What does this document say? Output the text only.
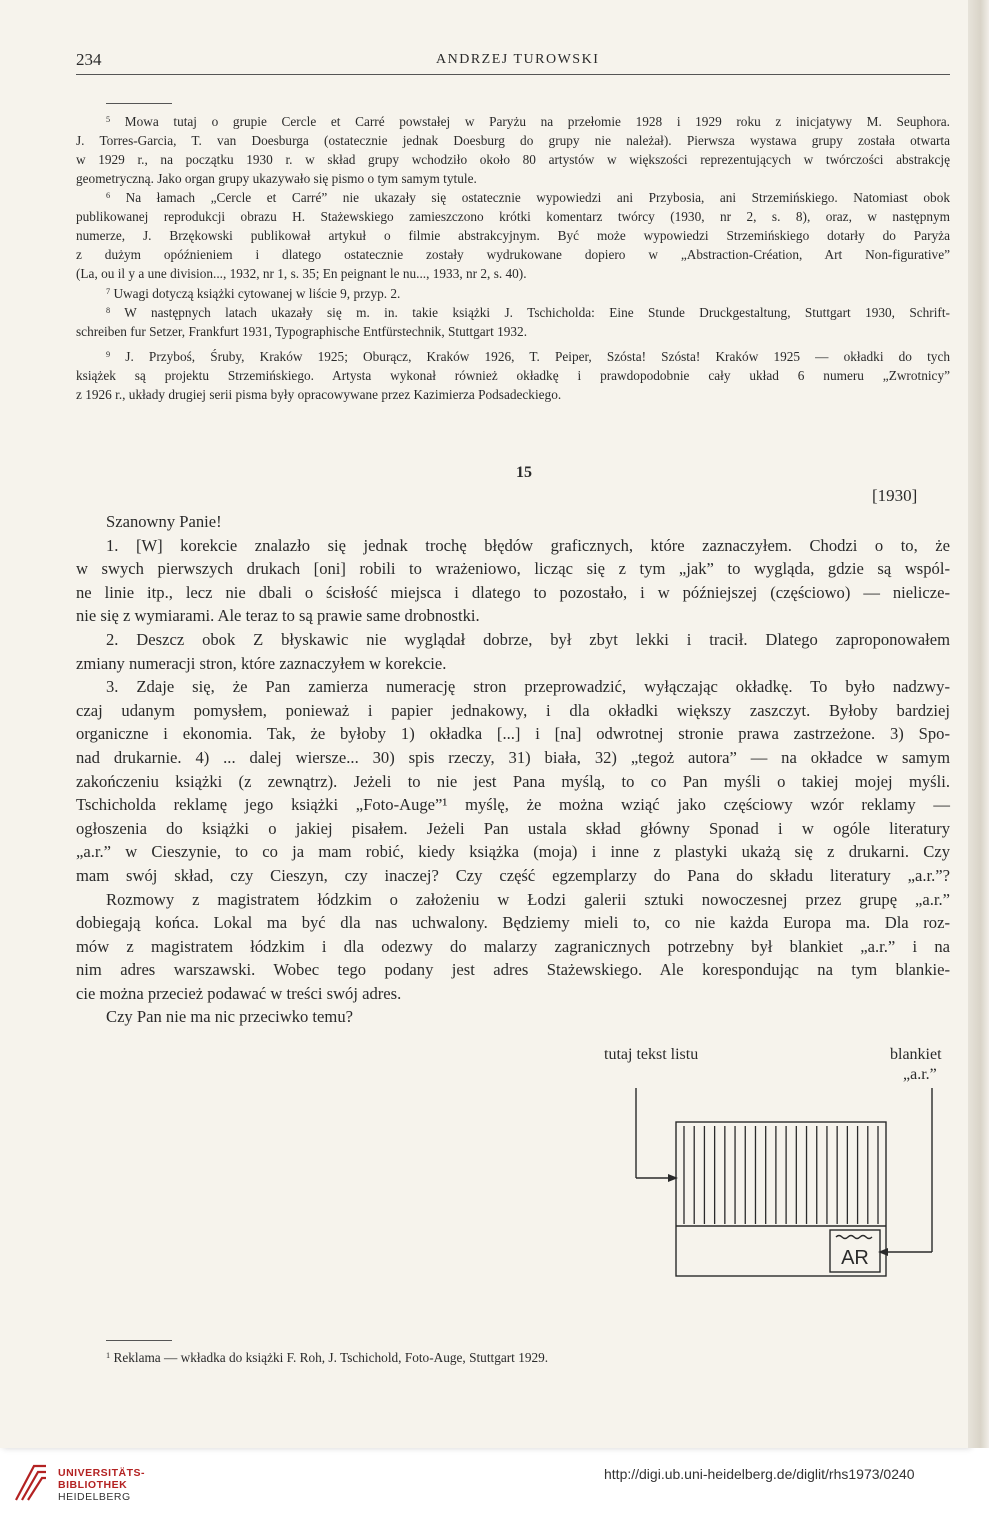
234	ANDRZEJ TUROWSKI
$^5$ Mowa tutaj o grupie Cercle et Carré powstałej w Paryżu na przełomie 1928 i 1929 roku z inicjatywy M. Seuphora.
J. Torres-Garcia, T. van Doesburga (ostatecznie jednak Doesburg do grupy nie należał). Pierwsza wystawa grupy została otwarta
w 1929 r., na początku 1930 r. w skład grupy wchodziło około 80 artystów w większości reprezentujących w twórczości abstrakcję
geometryczną. Jako organ grupy ukazywało się pismo o tym samym tytule.
$^6$ Na łamach „Cercle et Carré” nie ukazały się ostatecznie wypowiedzi ani Przybosia, ani Strzemińskiego. Natomiast obok
publikowanej reprodukcji obrazu H. Stażewskiego zamieszczono krótki komentarz twórcy (1930, nr 2, s. 8), oraz, w następnym
numerze, J. Brzękowski publikował artykuł o filmie abstrakcyjnym. Być może wypowiedzi Strzemińskiego dotarły do Paryża
z dużym opóźnieniem i dlatego ostatecznie zostały wydrukowane dopiero w „Abstraction-Création, Art Non-figurative”
(La, ou il y a une division..., 1932, nr 1, s. 35; En peignant le nu..., 1933, nr 2, s. 40).
$^7$ Uwagi dotyczą książki cytowanej w liście 9, przyp. 2.
$^8$ W następnych latach ukazały się m. in. takie książki J. Tschicholda: Eine Stunde Druckgestaltung, Stuttgart 1930, Schrift-
schreiben fur Setzer, Frankfurt 1931, Typographische Entfürstechnik, Stuttgart 1932.
$^9$ J. Przyboś, Śruby, Kraków 1925; Oburącz, Kraków 1926, T. Peiper, Szósta! Szósta! Kraków 1925 — okładki do tych
książek są projektu Strzemińskiego. Artysta wykonał również okładkę i prawdopodobnie cały układ 6 numeru „Zwrotnicy”
z 1926 r., układy drugiej serii pisma były opracowywane przez Kazimierza Podsadeckiego.
15
[1930]
Szanowny Panie!
1. [W] korekcie znalazło się jednak trochę błędów graficznych, które zaznaczyłem. Chodzi o to, że
w swych pierwszych drukach [oni] robili to wrażeniowo, licząc się z tym „jak” to wygląda, gdzie są wspól-
ne linie itp., lecz nie dbali o ścisłość miejsca i dlatego to pozostało, i w późniejszej (częściowo) — nielicze-
nie się z wymiarami. Ale teraz to są prawie same drobnostki.
2. Deszcz obok Z błyskawic nie wyglądał dobrze, był zbyt lekki i tracił. Dlatego zaproponowałem
zmiany numeracji stron, które zaznaczyłem w korekcie.
3. Zdaje się, że Pan zamierza numerację stron przeprowadzić, wyłączając okładkę. To było nadzwy-
czaj udanym pomysłem, ponieważ i papier jednakowy, i dla okładki większy zaszczyt. Byłoby bardziej
organiczne i ekonomia. Tak, że byłoby 1) okładka [...] i [na] odwrotnej stronie prawa zastrzeżone. 3) Spo-
nad drukarnie. 4) ... dalej wiersze... 30) spis rzeczy, 31) biała, 32) „tegoż autora” — na okładce w samym
zakończeniu książki (z zewnątrz). Jeżeli to nie jest Pana myślą, to co Pan myśli o takiej mojej myśli.
Tschicholda reklamę jego książki „Foto-Auge”¹ myślę, że można wziąć jako częściowy wzór reklamy —
ogłoszenia do książki o jakiej pisałem. Jeżeli Pan ustala skład główny Sponad i w ogóle literatury
„a.r.” w Cieszynie, to co ja mam robić, kiedy książka (moja) i inne z plastyki ukażą się z drukarni. Czy
mam swój skład, czy Cieszyn, czy inaczej? Czy część egzemplarzy do Pana do składu literatury „a.r.”?
Rozmowy z magistratem łódzkim o założeniu w Łodzi galerii sztuki nowoczesnej przez grupę „a.r.”
dobiegają końca. Lokal ma być dla nas uchwalony. Będziemy mieli to, co nie każda Europa ma. Dla roz-
mów z magistratem łódzkim i dla odezwy do malarzy zagranicznych potrzebny był blankiet „a.r.” i na
nim adres warszawski. Wobec tego podany jest adres Stażewskiego. Ale korespondując na tym blankie-
cie można przecież podawać w treści swój adres.
Czy Pan nie ma nic przeciwko temu?
tutaj tekst listu	blankiet
„a.r.”
AR
$^1$ Reklama — wkładka do książki F. Roh, J. Tschichold, Foto-Auge, Stuttgart 1929.
UNIVERSITÄTS-
BIBLIOTHEK
HEIDELBERG
http://digi.ub.uni-heidelberg.de/diglit/rhs1973/0240
